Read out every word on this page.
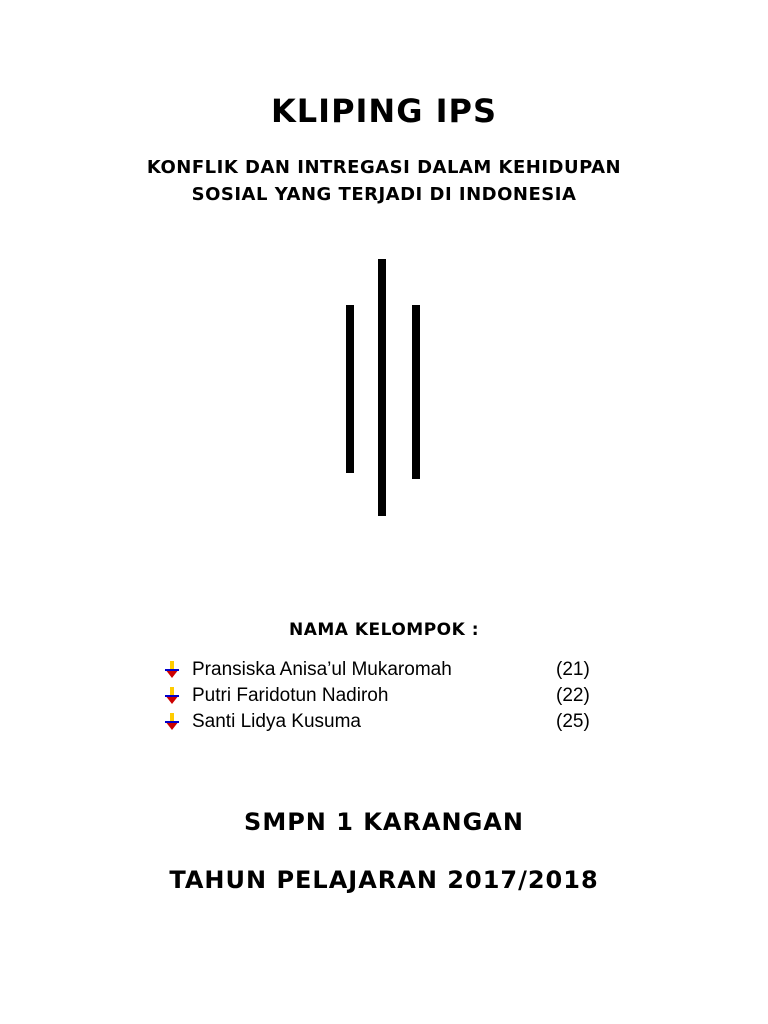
KLIPING IPS
KONFLIK DAN INTREGASI DALAM KEHIDUPAN
SOSIAL YANG TERJADI DI INDONESIA
NAMA KELOMPOK :
Pransiska Anisa’ul Mukaromah	(21)
Putri Faridotun Nadiroh	(22)
Santi Lidya Kusuma	(25)
SMPN 1 KARANGAN
TAHUN PELAJARAN 2017/2018
